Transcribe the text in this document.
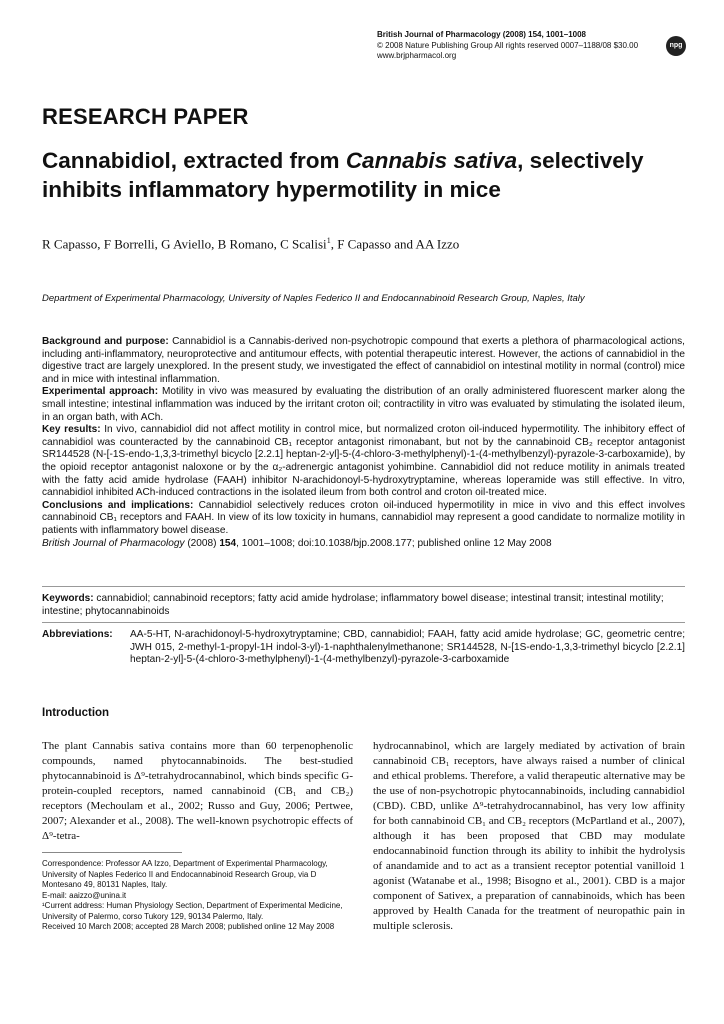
British Journal of Pharmacology (2008) 154, 1001–1008
© 2008 Nature Publishing Group All rights reserved 0007–1188/08 $30.00
www.brjpharmacol.org
npg
RESEARCH PAPER
Cannabidiol, extracted from Cannabis sativa, selectively inhibits inflammatory hypermotility in mice
R Capasso, F Borrelli, G Aviello, B Romano, C Scalisi$^1$, F Capasso and AA Izzo
Department of Experimental Pharmacology, University of Naples Federico II and Endocannabinoid Research Group, Naples, Italy

Background and purpose: Cannabidiol is a Cannabis-derived non-psychotropic compound that exerts a plethora of pharmacological actions, including anti-inflammatory, neuroprotective and antitumour effects, with potential therapeutic interest. However, the actions of cannabidiol in the digestive tract are largely unexplored. In the present study, we investigated the effect of cannabidiol on intestinal motility in normal (control) mice and in mice with intestinal inflammation.

Experimental approach: Motility in vivo was measured by evaluating the distribution of an orally administered fluorescent marker along the small intestine; intestinal inflammation was induced by the irritant croton oil; contractility in vitro was evaluated by stimulating the isolated ileum, in an organ bath, with ACh.

Key results: In vivo, cannabidiol did not affect motility in control mice, but normalized croton oil-induced hypermotility. The inhibitory effect of cannabidiol was counteracted by the cannabinoid CB₁ receptor antagonist rimonabant, but not by the cannabinoid CB₂ receptor antagonist SR144528 (N-[-1S-endo-1,3,3-trimethyl bicyclo [2.2.1] heptan-2-yl]-5-(4-chloro-3-methylphenyl)-1-(4-methylbenzyl)-pyrazole-3-carboxamide), by the opioid receptor antagonist naloxone or by the α₂-adrenergic antagonist yohimbine. Cannabidiol did not reduce motility in animals treated with the fatty acid amide hydrolase (FAAH) inhibitor N-arachidonoyl-5-hydroxytryptamine, whereas loperamide was still effective. In vitro, cannabidiol inhibited ACh-induced contractions in the isolated ileum from both control and croton oil-treated mice.

Conclusions and implications: Cannabidiol selectively reduces croton oil-induced hypermotility in mice in vivo and this effect involves cannabinoid CB₁ receptors and FAAH. In view of its low toxicity in humans, cannabidiol may represent a good candidate to normalize motility in patients with inflammatory bowel disease.

British Journal of Pharmacology (2008) 154, 1001–1008; doi:10.1038/bjp.2008.177; published online 12 May 2008

Keywords: cannabidiol; cannabinoid receptors; fatty acid amide hydrolase; inflammatory bowel disease; intestinal transit; intestinal motility; intestine; phytocannabinoids
Abbreviations: AA-5-HT, N-arachidonoyl-5-hydroxytryptamine; CBD, cannabidiol; FAAH, fatty acid amide hydrolase; GC, geometric centre; JWH 015, 2-methyl-1-propyl-1H indol-3-yl)-1-naphthalenylmethanone; SR144528, N-[1S-endo-1,3,3-trimethyl bicyclo [2.2.1] heptan-2-yl]-5-(4-chloro-3-methylphenyl)-1-(4-methylbenzyl)-pyrazole-3-carboxamide
Introduction

The plant Cannabis sativa contains more than 60 terpenophenolic compounds, named phytocannabinoids. The best-studied phytocannabinoid is Δ⁹-tetrahydrocannabinol, which binds specific G-protein-coupled receptors, named cannabinoid (CB₁ and CB₂) receptors (Mechoulam et al., 2002; Russo and Guy, 2006; Pertwee, 2007; Alexander et al., 2008). The well-known psychotropic effects of Δ⁹-tetra-

hydrocannabinol, which are largely mediated by activation of brain cannabinoid CB₁ receptors, have always raised a number of clinical and ethical problems. Therefore, a valid therapeutic alternative may be the use of non-psychotropic phytocannabinoids, including cannabidiol (CBD). CBD, unlike Δ⁹-tetrahydrocannabinol, has very low affinity for both cannabinoid CB₁ and CB₂ receptors (McPartland et al., 2007), although it has been proposed that CBD may modulate endocannabinoid function through its ability to inhibit the hydrolysis of anandamide and to act as a transient receptor potential vanilloid 1 agonist (Watanabe et al., 1998; Bisogno et al., 2001). CBD is a major component of Sativex, a preparation of cannabinoids, which has been approved by Health Canada for the treatment of neuropathic pain in multiple sclerosis.

Correspondence: Professor AA Izzo, Department of Experimental Pharmacology, University of Naples Federico II and Endocannabinoid Research Group, via D Montesano 49, 80131 Naples, Italy.

E-mail: aaizzo@unina.it

¹Current address: Human Physiology Section, Department of Experimental Medicine, University of Palermo, corso Tukory 129, 90134 Palermo, Italy.

Received 10 March 2008; accepted 28 March 2008; published online 12 May 2008
